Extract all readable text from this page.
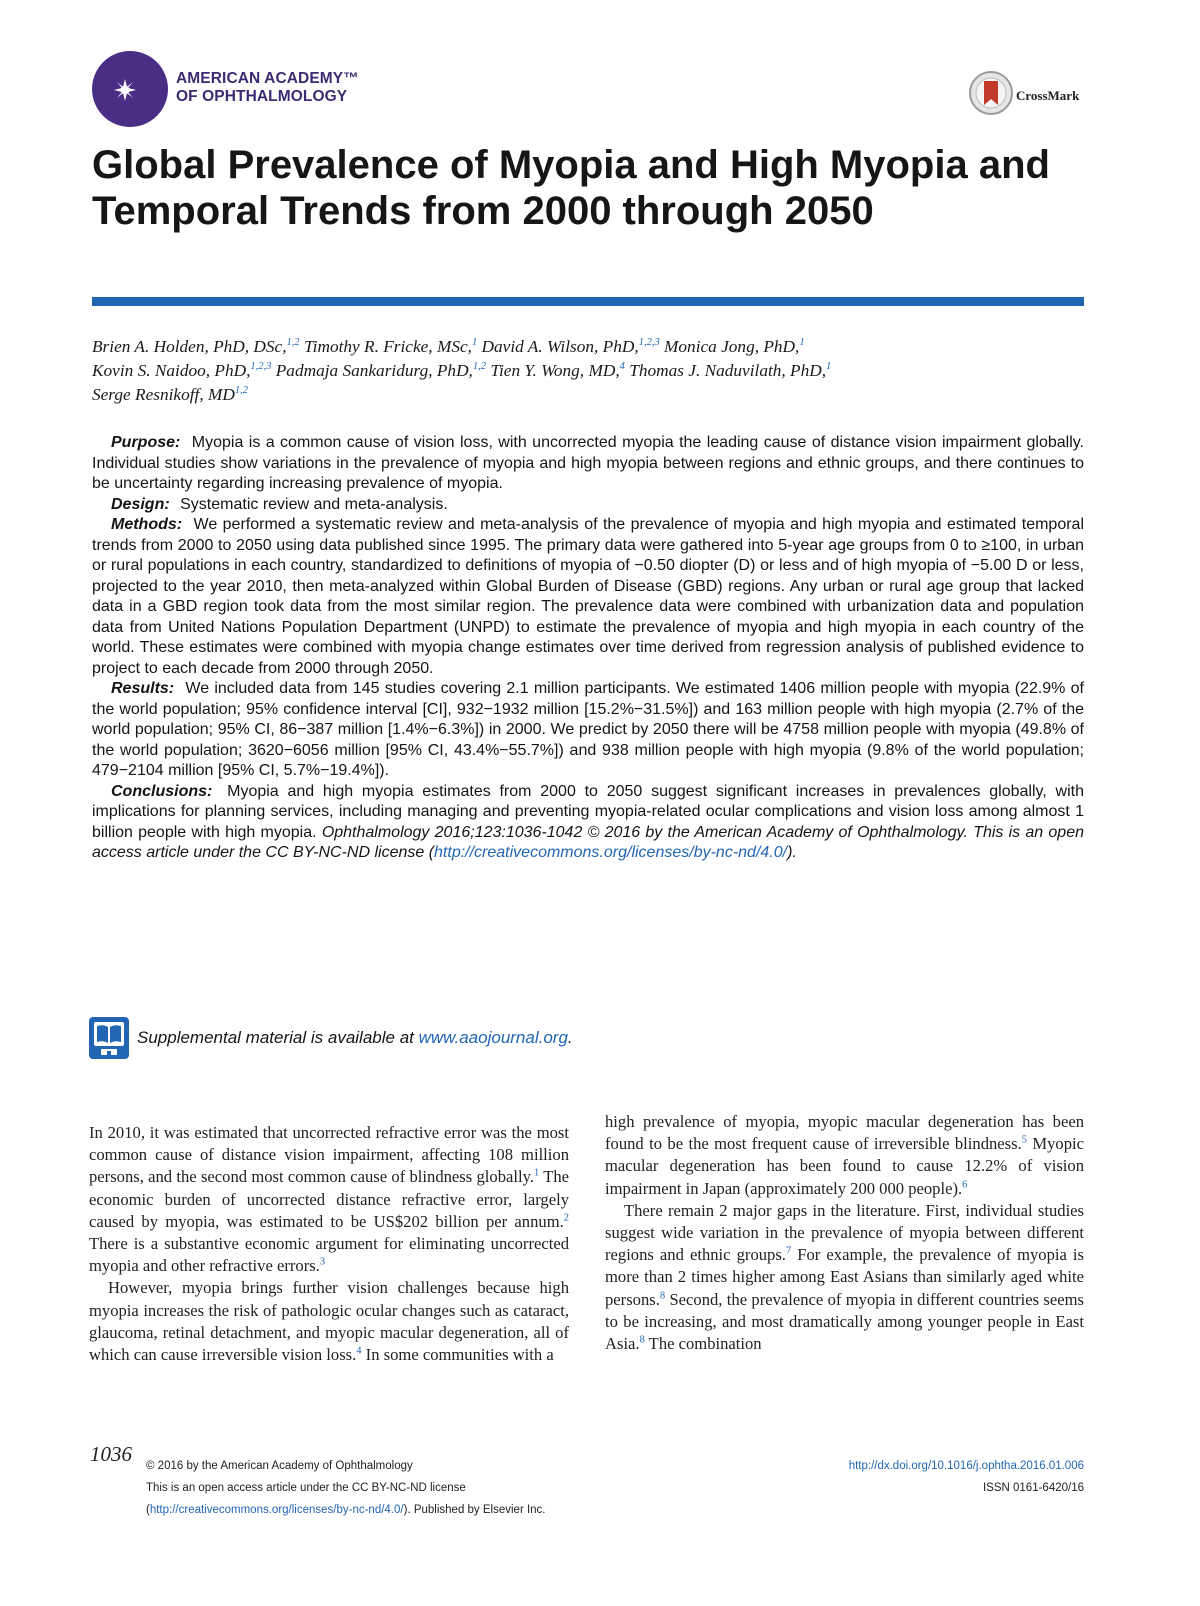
AMERICAN ACADEMY™
OF OPHTHALMOLOGY	CrossMark
Global Prevalence of Myopia and High Myopia and Temporal Trends from 2000 through 2050
Brien A. Holden, PhD, DSc,$^{1,2}$ Timothy R. Fricke, MSc,$^1$ David A. Wilson, PhD,$^{1,2,3}$ Monica Jong, PhD,$^1$
Kovin S. Naidoo, PhD,$^{1,2,3}$ Padmaja Sankaridurg, PhD,$^{1,2}$ Tien Y. Wong, MD,$^4$ Thomas J. Naduvilath, PhD,$^1$
Serge Resnikoff, MD$^{1,2}$

Purpose: Myopia is a common cause of vision loss, with uncorrected myopia the leading cause of distance vision impairment globally. Individual studies show variations in the prevalence of myopia and high myopia between regions and ethnic groups, and there continues to be uncertainty regarding increasing prevalence of myopia.

Design: Systematic review and meta-analysis.

Methods: We performed a systematic review and meta-analysis of the prevalence of myopia and high myopia and estimated temporal trends from 2000 to 2050 using data published since 1995. The primary data were gathered into 5-year age groups from 0 to ≥100, in urban or rural populations in each country, standardized to definitions of myopia of −0.50 diopter (D) or less and of high myopia of −5.00 D or less, projected to the year 2010, then meta-analyzed within Global Burden of Disease (GBD) regions. Any urban or rural age group that lacked data in a GBD region took data from the most similar region. The prevalence data were combined with urbanization data and population data from United Nations Population Department (UNPD) to estimate the prevalence of myopia and high myopia in each country of the world. These estimates were combined with myopia change estimates over time derived from regression analysis of published evidence to project to each decade from 2000 through 2050.

Results: We included data from 145 studies covering 2.1 million participants. We estimated 1406 million people with myopia (22.9% of the world population; 95% confidence interval [CI], 932−1932 million [15.2%−31.5%]) and 163 million people with high myopia (2.7% of the world population; 95% CI, 86−387 million [1.4%−6.3%]) in 2000. We predict by 2050 there will be 4758 million people with myopia (49.8% of the world population; 3620−6056 million [95% CI, 43.4%−55.7%]) and 938 million people with high myopia (9.8% of the world population; 479−2104 million [95% CI, 5.7%−19.4%]).

Conclusions: Myopia and high myopia estimates from 2000 to 2050 suggest significant increases in prevalences globally, with implications for planning services, including managing and preventing myopia-related ocular complications and vision loss among almost 1 billion people with high myopia. Ophthalmology 2016;123:1036-1042 © 2016 by the American Academy of Ophthalmology. This is an open access article under the CC BY-NC-ND license (http://creativecommons.org/licenses/by-nc-nd/4.0/).

Supplemental material is available at www.aaojournal.org.

In 2010, it was estimated that uncorrected refractive error was the most common cause of distance vision impairment, affecting 108 million persons, and the second most common cause of blindness globally.$^1$ The economic burden of uncorrected distance refractive error, largely caused by myopia, was estimated to be US$202 billion per annum.$^2$ There is a substantive economic argument for eliminating uncorrected myopia and other refractive errors.$^3$

However, myopia brings further vision challenges because high myopia increases the risk of pathologic ocular changes such as cataract, glaucoma, retinal detachment, and myopic macular degeneration, all of which can cause irreversible vision loss.$^4$ In some communities with a

high prevalence of myopia, myopic macular degeneration has been found to be the most frequent cause of irreversible blindness.$^5$ Myopic macular degeneration has been found to cause 12.2% of vision impairment in Japan (approximately 200 000 people).$^6$

There remain 2 major gaps in the literature. First, individual studies suggest wide variation in the prevalence of myopia between different regions and ethnic groups.$^7$ For example, the prevalence of myopia is more than 2 times higher among East Asians than similarly aged white persons.$^8$ Second, the prevalence of myopia in different countries seems to be increasing, and most dramatically among younger people in East Asia.$^8$ The combination

1036 © 2016 by the American Academy of Ophthalmology
This is an open access article under the CC BY-NC-ND license
(http://creativecommons.org/licenses/by-nc-nd/4.0/). Published by Elsevier Inc.
http://dx.doi.org/10.1016/j.ophtha.2016.01.006
ISSN 0161-6420/16
